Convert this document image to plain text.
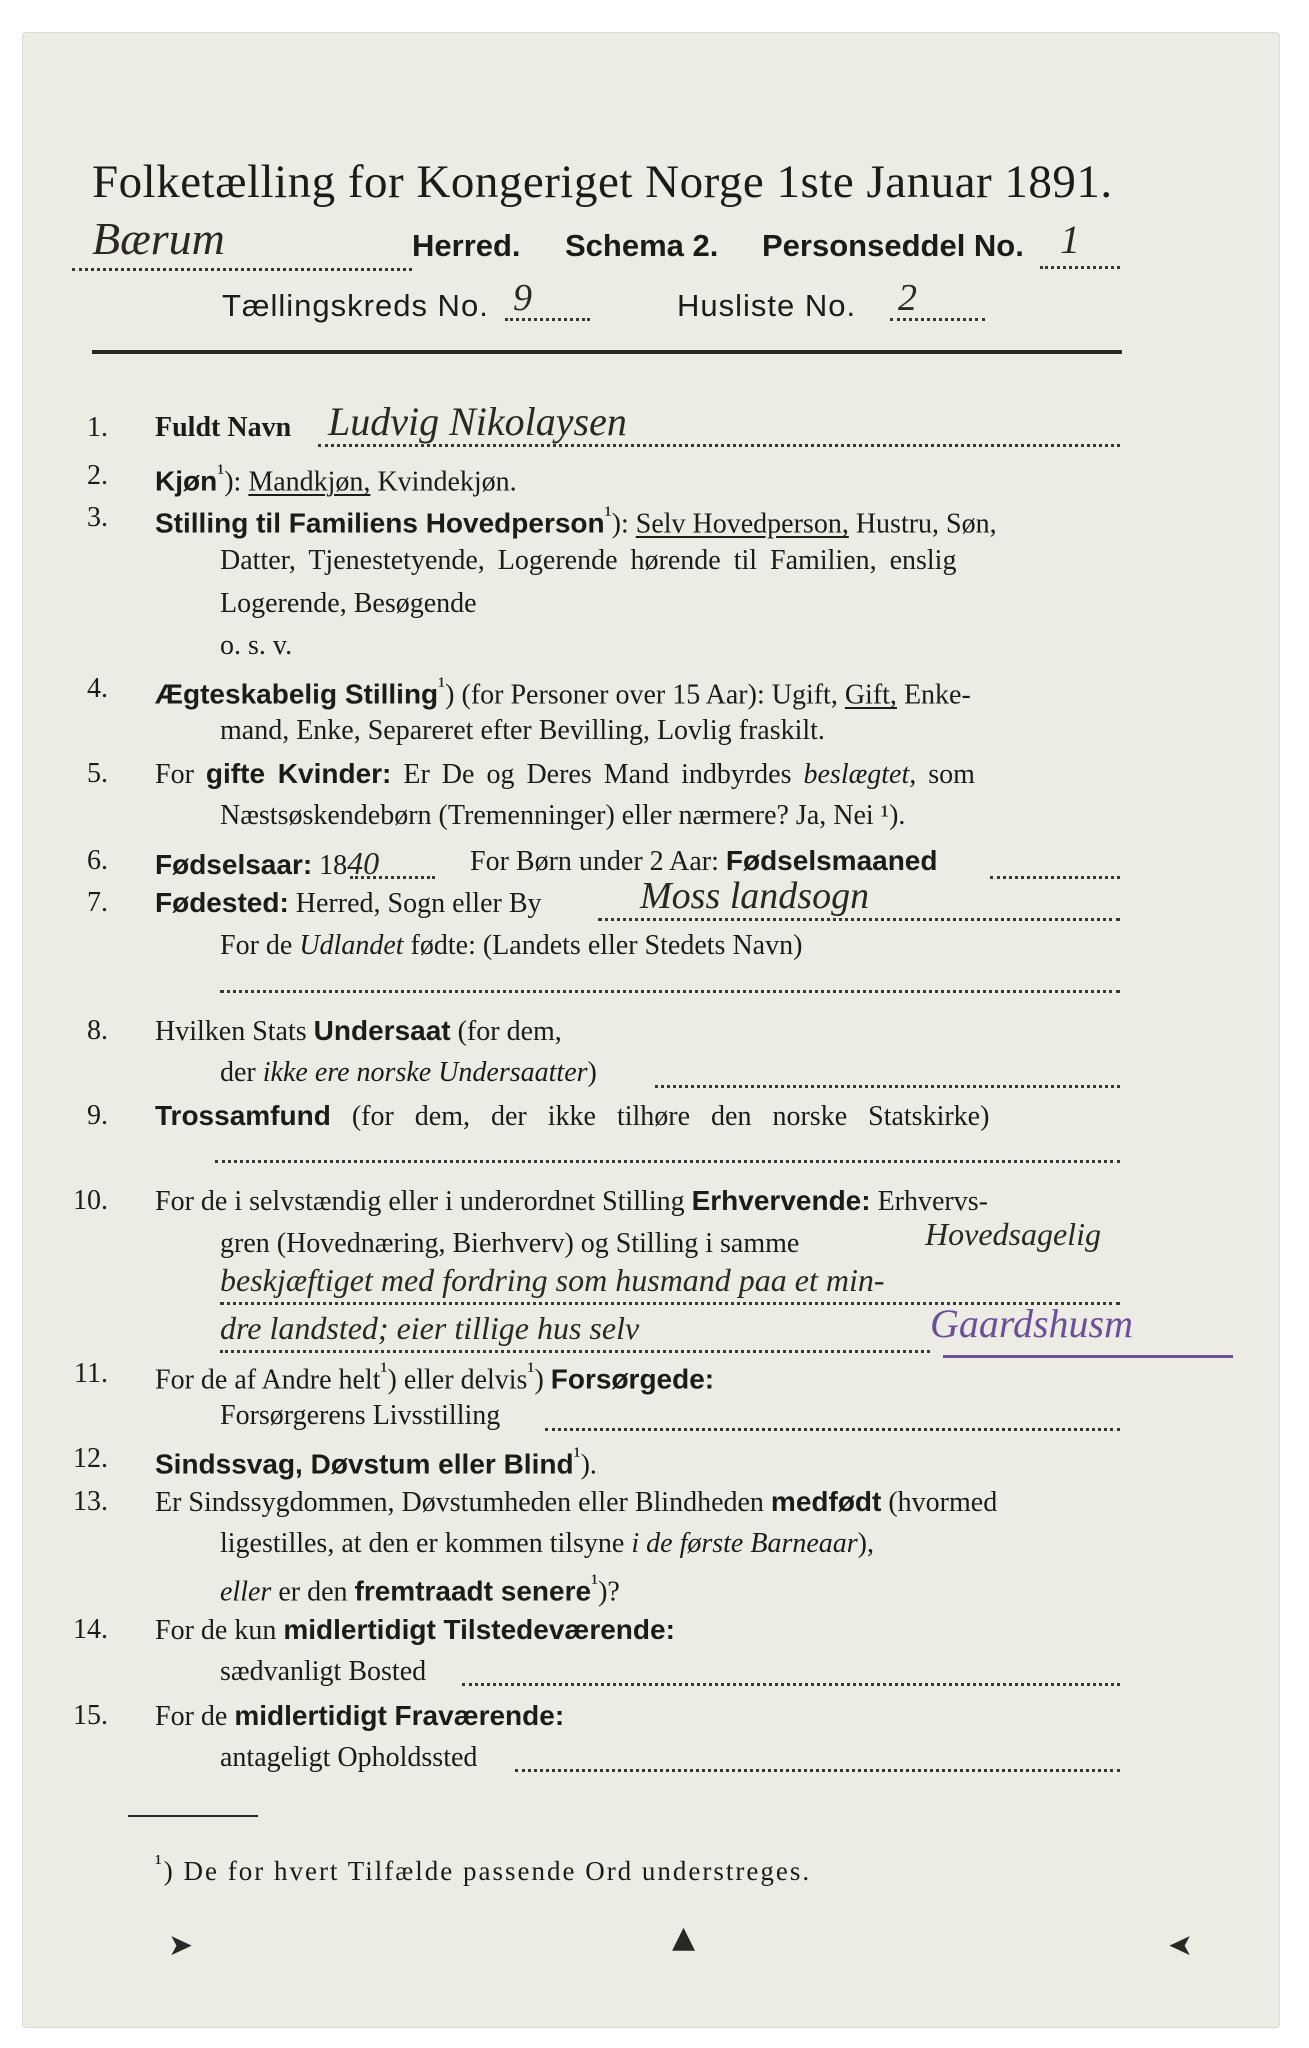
Folketælling for Kongeriget Norge 1ste Januar 1891.
Bærum	Herred. Schema 2. Personseddel No. 1
Tællingskreds No. 9	Husliste No. 2
1. Fuldt Navn Ludvig Nikolaysen
2. Kjøn$^{^1}$): Mandkjøn, Kvindekjøn.
3. Stilling til Familiens Hovedperson$^{^1}$): Selv Hovedperson, Hustru, Søn,
Datter, Tjenestetyende, Logerende hørende til Familien, enslig
Logerende, Besøgende
o. s. v.
4. Ægteskabelig Stilling$^{^1}$) (for Personer over 15 Aar): Ugift, Gift, Enke-
mand, Enke, Separeret efter Bevilling, Lovlig fraskilt.
5. For gifte Kvinder: Er De og Deres Mand indbyrdes beslægtet, som
Næstsøskendebørn (Tremenninger) eller nærmere? Ja, Nei ¹).
6. Fødselsaar: 1840	For Børn under 2 Aar: Fødselsmaaned
7. Fødested: Herred, Sogn eller By	Moss landsogn
For de Udlandet fødte: (Landets eller Stedets Navn)
8. Hvilken Stats Undersaat (for dem,
der ikke ere norske Undersaatter)
9. Trossamfund (for dem, der ikke tilhøre den norske Statskirke)
10. For de i selvstændig eller i underordnet Stilling Erhvervende: Erhvervs-
gren (Hovednæring, Bierhverv) og Stilling i samme	Hovedsagelig
beskjæftiget med fordring som husmand paa et min-
dre landsted; eier tillige hus selv	Gaardshusm
11. For de af Andre helt$^{^1}$) eller delvis$^{^1}$) Forsørgede:
Forsørgerens Livsstilling
12. Sindssvag, Døvstum eller Blind$^{^1}$).
13. Er Sindssygdommen, Døvstumheden eller Blindheden medfødt (hvormed
ligestilles, at den er kommen tilsyne i de første Barneaar),
eller er den fremtraadt senere$^{^1}$)?
14. For de kun midlertidigt Tilstedeværende:
sædvanligt Bosted
15. For de midlertidigt Fraværende:
antageligt Opholdssted
$^{^1}$) De for hvert Tilfælde passende Ord understreges.
➤	▲	➤
